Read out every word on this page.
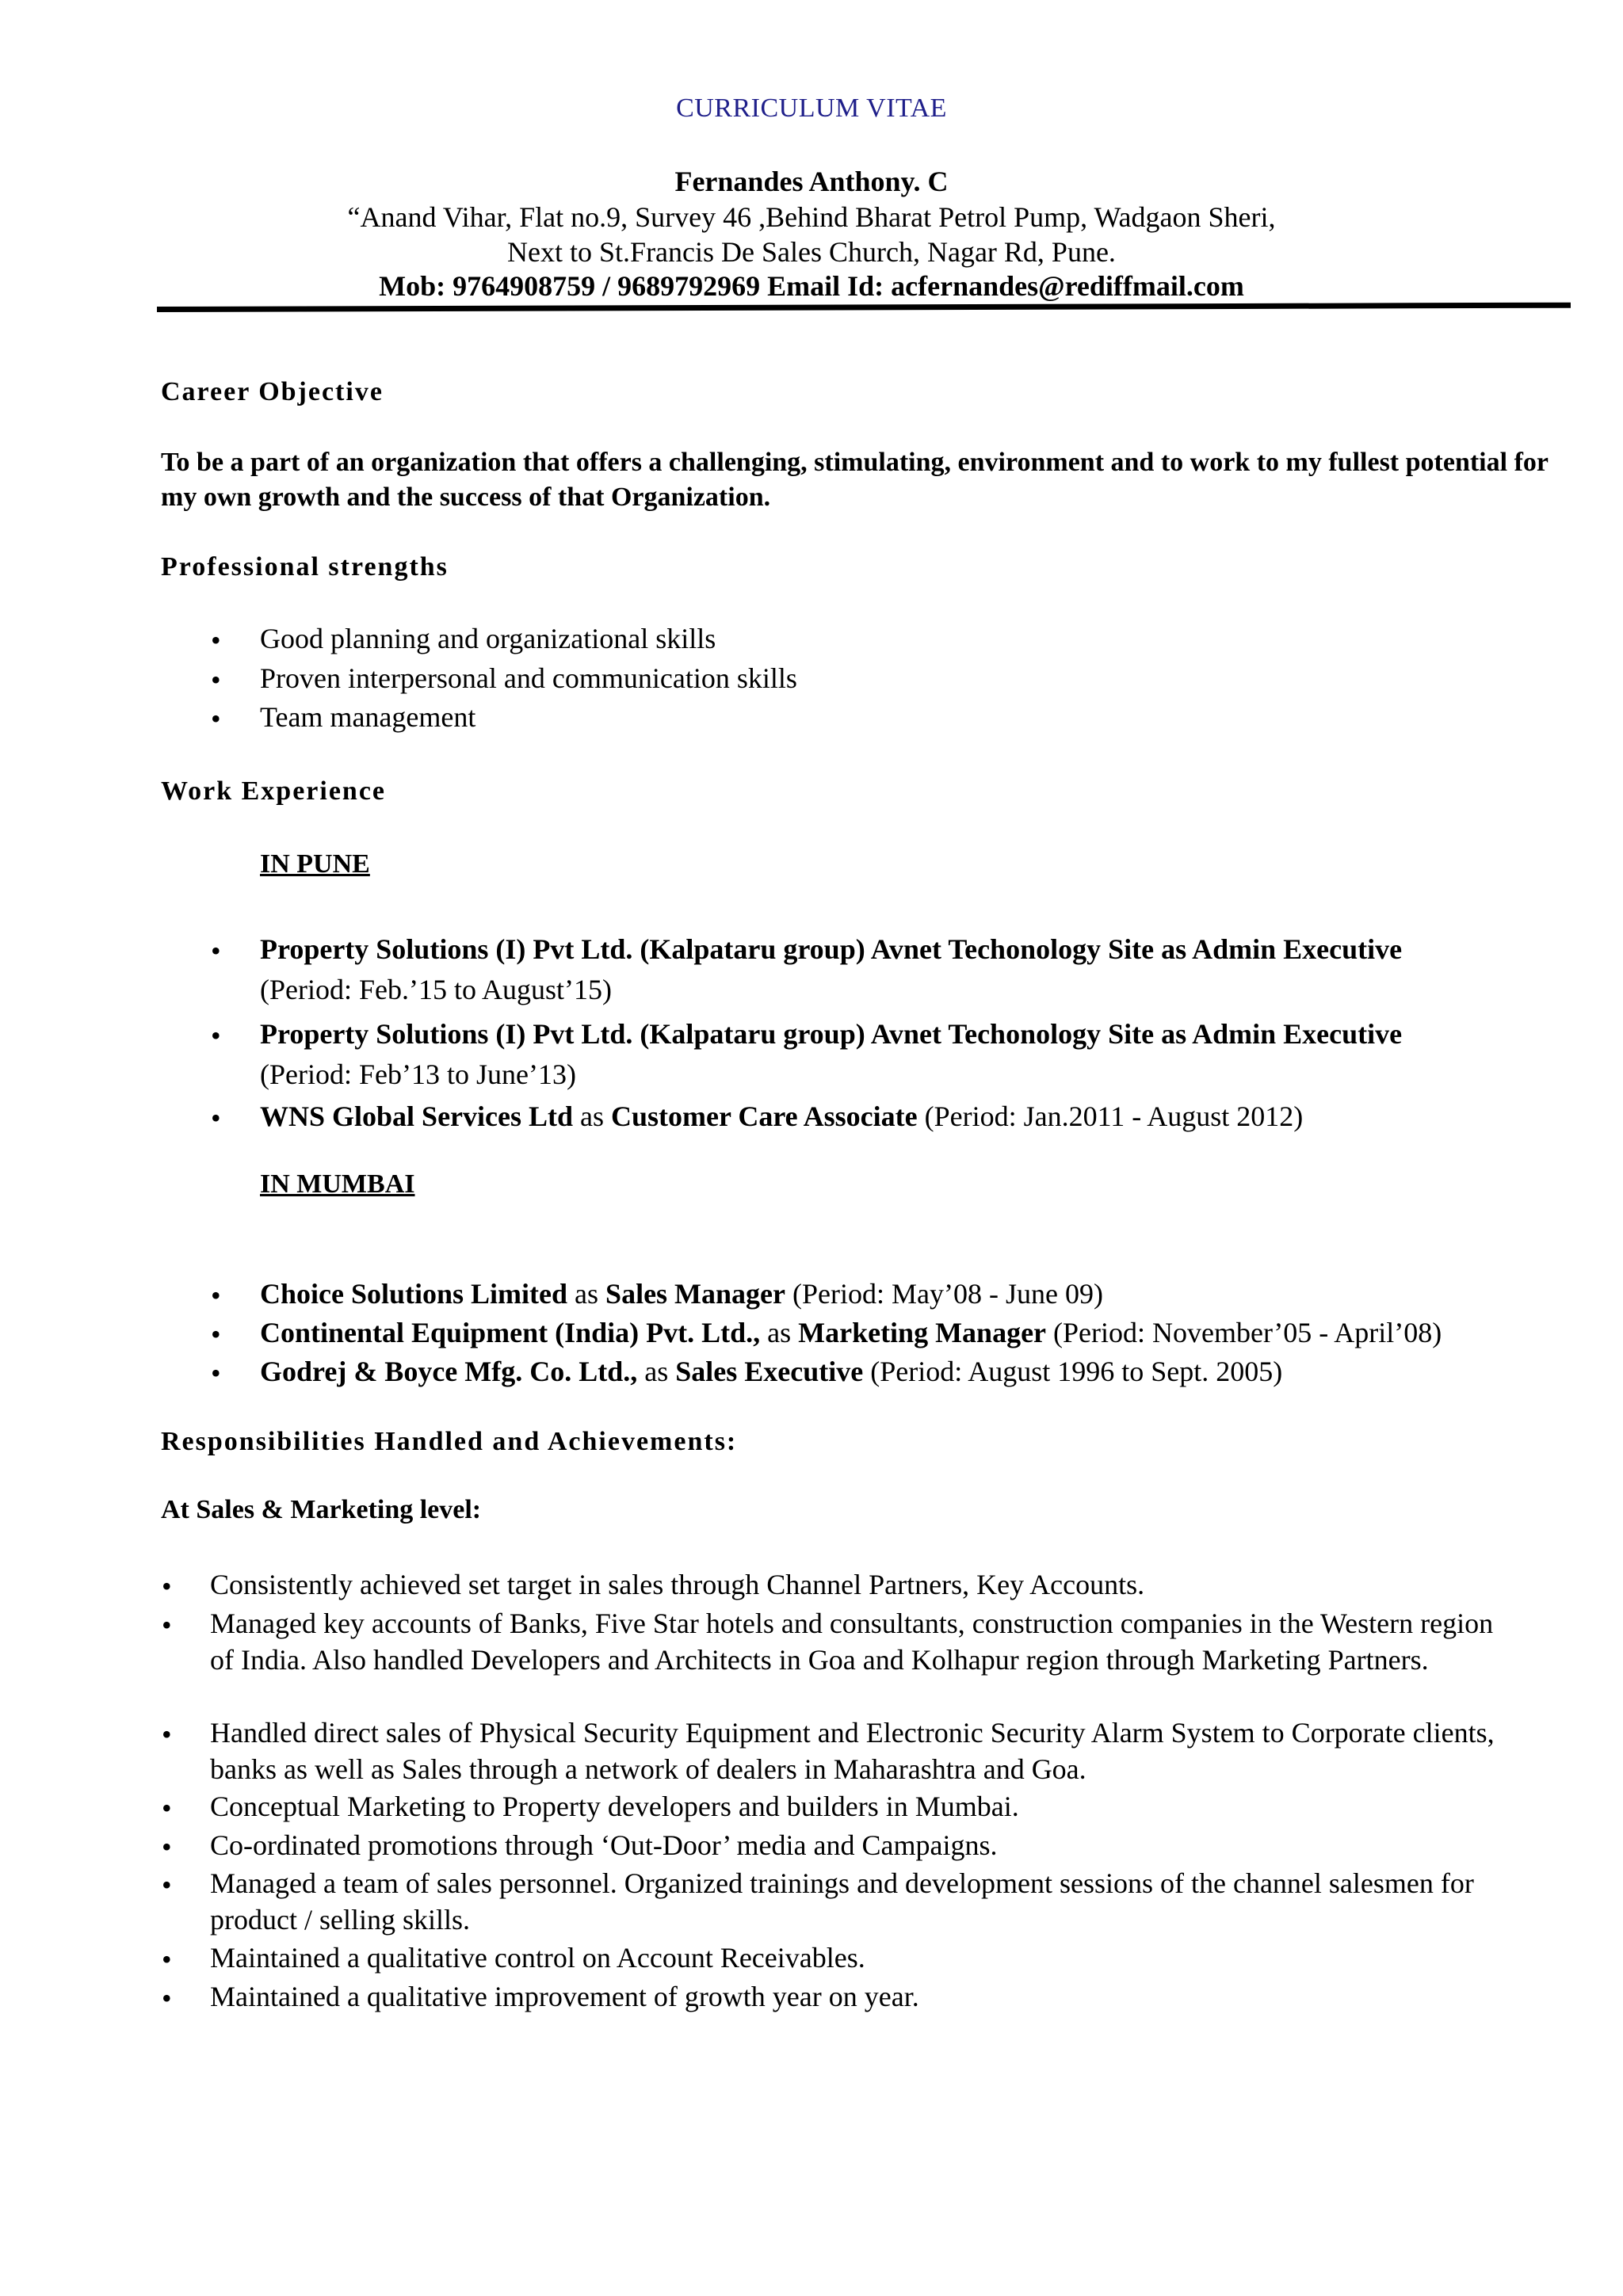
CURRICULUM VITAE
Fernandes Anthony. C
“Anand Vihar, Flat no.9, Survey 46 ,Behind Bharat Petrol Pump, Wadgaon Sheri,
Next to St.Francis De Sales Church, Nagar Rd, Pune.
Mob: 9764908759 / 9689792969 Email Id: acfernandes@rediffmail.com
Career Objective
To be a part of an organization that offers a challenging, stimulating, environment and to work to my fullest potential for my own growth and the success of that Organization.
Professional strengths
• Good planning and organizational skills
• Proven interpersonal and communication skills
• Team management
Work Experience
IN PUNE
• Property Solutions (I) Pvt Ltd. (Kalpataru group) Avnet Techonology Site as Admin Executive
(Period: Feb.’15 to August’15)
• Property Solutions (I) Pvt Ltd. (Kalpataru group) Avnet Techonology Site as Admin Executive
(Period: Feb’13 to June’13)
• WNS Global Services Ltd as Customer Care Associate (Period: Jan.2011 - August 2012)
IN MUMBAI
• Choice Solutions Limited as Sales Manager (Period: May’08 - June 09)
• Continental Equipment (India) Pvt. Ltd., as Marketing Manager (Period: November’05 - April’08)
• Godrej & Boyce Mfg. Co. Ltd., as Sales Executive (Period: August 1996 to Sept. 2005)
Responsibilities Handled and Achievements:
At Sales & Marketing level:
• Consistently achieved set target in sales through Channel Partners, Key Accounts.
• Managed key accounts of Banks, Five Star hotels and consultants, construction companies in the Western region of India. Also handled Developers and Architects in Goa and Kolhapur region through Marketing Partners.
• Handled direct sales of Physical Security Equipment and Electronic Security Alarm System to Corporate clients, banks as well as Sales through a network of dealers in Maharashtra and Goa.
• Conceptual Marketing to Property developers and builders in Mumbai.
• Co-ordinated promotions through ‘Out-Door’ media and Campaigns.
• Managed a team of sales personnel. Organized trainings and development sessions of the channel salesmen for product / selling skills.
• Maintained a qualitative control on Account Receivables.
• Maintained a qualitative improvement of growth year on year.
